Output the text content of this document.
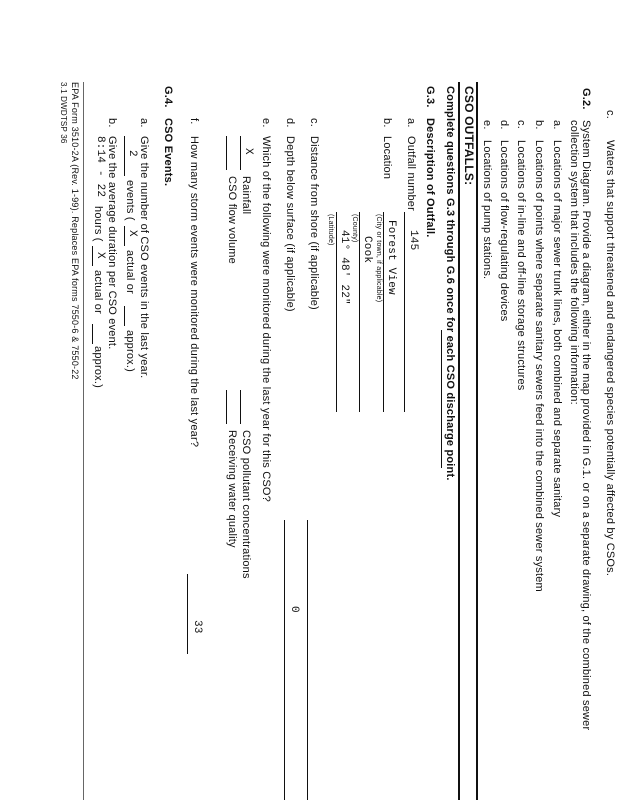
c.
Waters that support threatened and endangered species potentially affected by CSOs.
G.2.
System Diagram. Provide a diagram, either in the map provided in G.1. or on a separate drawing, of the combined sewer
collection system that includes the following information:
a.
Locations of major sewer trunk lines, both combined and separate sanitary
b.
Locations of points where separate sanitary sewers feed into the combined sewer system
c.
Locations of in-line and off-line storage structures
d.
Locations of flow-regulating devices
e.
Locations of pump stations.
CSO OUTFALLS:
Complete questions G.3 through G.6 once for each CSO discharge point.
G.3.
Description of Outfall.
a.
Outfall number
145
b.
Location
Forest View
(City or town, if applicable)
Cook
(County)
41° 48' 22"
(Latitude)
c.
Distance from shore (if applicable)
d.
Depth below surface (if applicable)
0
e.
Which of the following were monitored during the last year for this CSO?
X
Rainfall
CSO pollutant concentrations
CSO flow volume
Receiving water quality
f.
How many storm events were monitored during the last year?
33
G.4.
CSO Events.
a.
Give the number of CSO events in the last year.
2
events (
X
actual or
approx.)
b.
Give the average duration per CSO event.
8:14 - 22
hours (
X
actual or
approx.)
EPA Form 3510-2A (Rev. 1-99). Replaces EPA forms 7550-6 & 7550-22
3.1 DWDTSP 36
